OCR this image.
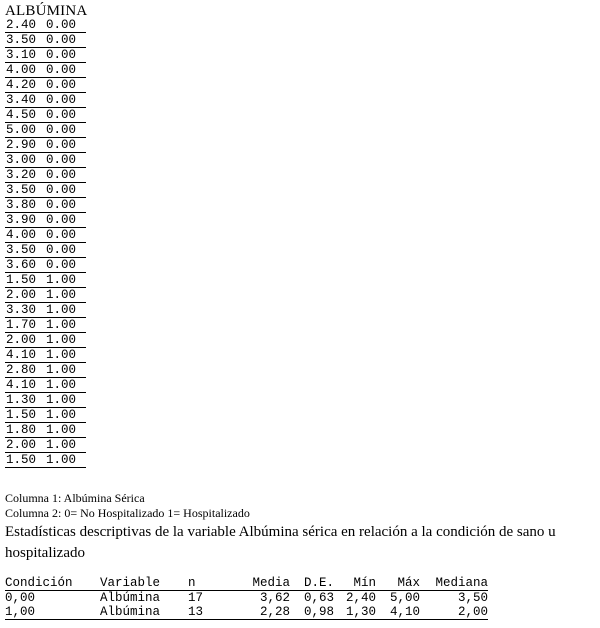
ALBÚMINA
2.40 0.00
3.50 0.00
3.10 0.00
4.00 0.00
4.20 0.00
3.40 0.00
4.50 0.00
5.00 0.00
2.90 0.00
3.00 0.00
3.20 0.00
3.50 0.00
3.80 0.00
3.90 0.00
4.00 0.00
3.50 0.00
3.60 0.00
1.50 1.00
2.00 1.00
3.30 1.00
1.70 1.00
2.00 1.00
4.10 1.00
2.80 1.00
4.10 1.00
1.30 1.00
1.50 1.00
1.80 1.00
2.00 1.00
1.50 1.00
Columna 1: Albúmina Sérica
Columna 2: 0= No Hospitalizado 1= Hospitalizado
Estadísticas descriptivas de la variable Albúmina sérica en relación a la condición de sano u hospitalizado
Condición	Variable	n	Media	D.E.	Mín	Máx	Mediana
0,00	Albúmina	17	3,62	0,63	2,40	5,00	3,50
1,00	Albúmina	13	2,28	0,98	1,30	4,10	2,00
